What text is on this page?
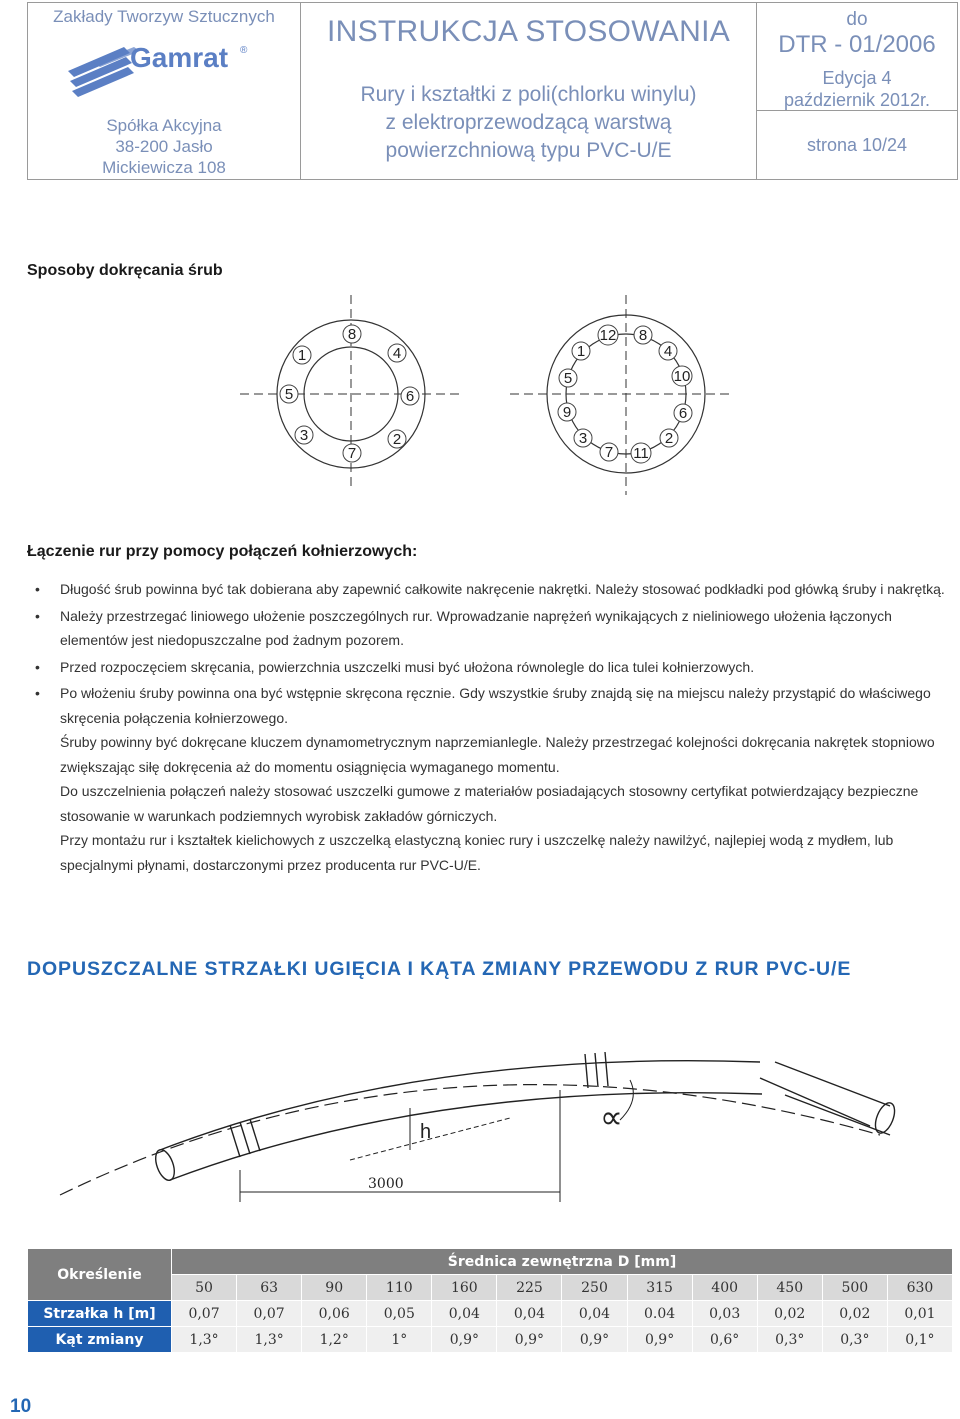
Zakłady Tworzyw Sztucznych
Gamrat ®
Spółka Akcyjna
38-200 Jasło
Mickiewicza 108
INSTRUKCJA STOSOWANIA
Rury i kształtki z poli(chlorku winylu)
z elektroprzewodzącą warstwą
powierzchniową typu PVC-U/E
do
DTR - 01/2006
Edycja 4
październik 2012r.
strona 10/24
Sposoby dokręcania śrub
1
2
3
4
5	6
7
8
1
2
3
4
5
6
7
8
9
10
11
12
Łączenie rur przy pomocy połączeń kołnierzowych:
• Długość śrub powinna być tak dobierana aby zapewnić całkowite nakręcenie nakrętki. Należy stosować podkładki pod główką śruby i nakrętką.
• Należy przestrzegać liniowego ułożenie poszczególnych rur. Wprowadzanie naprężeń wynikających z nieliniowego ułożenia łączonych elementów jest niedopuszczalne pod żadnym pozorem.
• Przed rozpoczęciem skręcania, powierzchnia uszczelki musi być ułożona równolegle do lica tulei kołnierzowych.
• Po włożeniu śruby powinna ona być wstępnie skręcona ręcznie. Gdy wszystkie śruby znajdą się na miejscu należy przystąpić do właściwego skręcenia połączenia kołnierzowego.
Śruby powinny być dokręcane kluczem dynamometrycznym naprzemianlegle. Należy przestrzegać kolejności dokręcania nakrętek stopniowo zwiększając siłę dokręcenia aż do momentu osiągnięcia wymaganego momentu.
Do uszczelnienia połączeń należy stosować uszczelki gumowe z materiałów posiadających stosowny certyfikat potwierdzający bezpieczne stosowanie w warunkach podziemnych wyrobisk zakładów górniczych.
Przy montażu rur i kształtek kielichowych z uszczelką elastyczną koniec rury i uszczelkę należy nawilżyć, najlepiej wodą z mydłem, lub specjalnymi płynami, dostarczonymi przez producenta rur PVC-U/E.
DOPUSZCZALNE STRZAŁKI UGIĘCIA I KĄTA ZMIANY PRZEWODU Z RUR PVC-U/E
h	∝
3000
Określenie	Średnica zewnętrzna D [mm]											
	50	63	90	110	160	225	250	315	400	450	500	630
Strzałka h [m]	0,07	0,07	0,06	0,05	0,04	0,04	0,04	0.04	0,03	0,02	0,02	0,01
Kąt zmiany	1,3°	1,3°	1,2°	1°	0,9°	0,9°	0,9°	0,9°	0,6°	0,3°	0,3°	0,1°
10
